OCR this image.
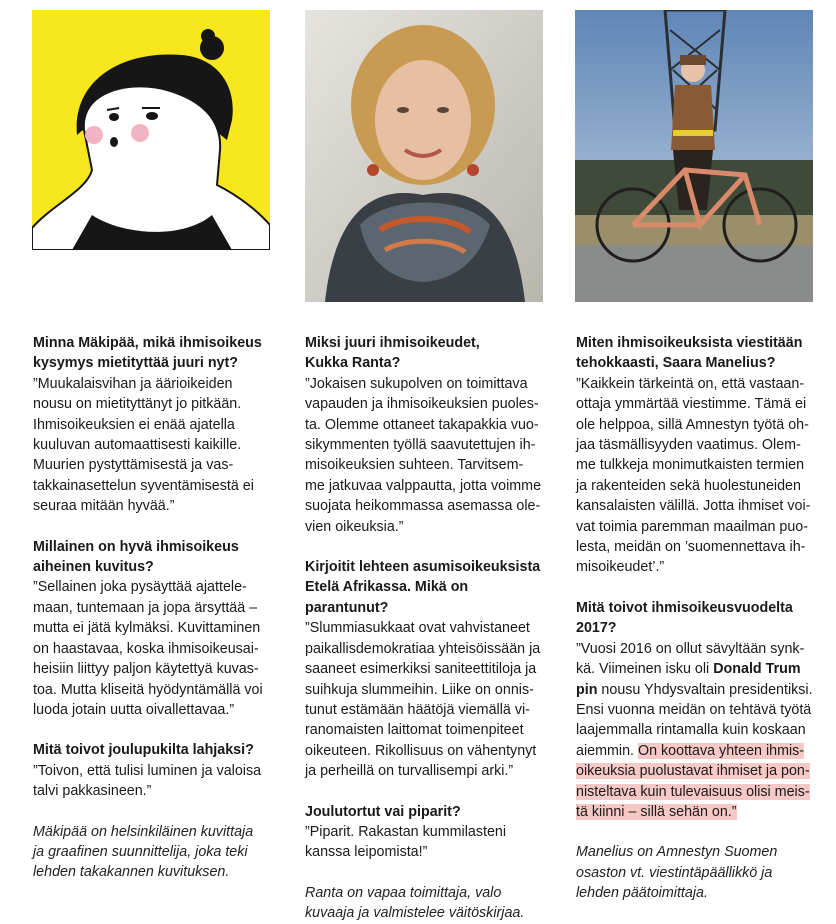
Minna Mäkipää, mikä ihmisoikeus
kysymys mietityttää juuri nyt?

”Muukalaisvihan ja äärioikeiden
nousu on mietityttänyt jo pitkään.
Ihmisoikeuksien ei enää ajatella
kuuluvan automaattisesti kaikille.
Muurien pystyttämisestä ja vas-
takkainasettelun syventämisestä ei
seuraa mitään hyvää.”

Millainen on hyvä ihmisoikeus
aiheinen kuvitus?

”Sellainen joka pysäyttää ajattele-
maan, tuntemaan ja jopa ärsyttää –
mutta ei jätä kylmäksi. Kuvittaminen
on haastavaa, koska ihmisoikeusai-
heisiin liittyy paljon käytettyä kuvas-
toa. Mutta kliseitä hyödyntämällä voi
luoda jotain uutta oivallettavaa.”

Mitä toivot joulupukilta lahjaksi?

”Toivon, että tulisi luminen ja valoisa
talvi pakkasineen.”

Mäkipää on helsinkiläinen kuvittaja
ja graafinen suunnittelija, joka teki
lehden takakannen kuvituksen.

Miksi juuri ihmisoikeudet,
Kukka Ranta?

”Jokaisen sukupolven on toimittava
vapauden ja ihmisoikeuksien puoles-
ta. Olemme ottaneet takapakkia vuo-
sikymmenten työllä saavutettujen ih-
misoikeuksien suhteen. Tarvitsem-
me jatkuvaa valppautta, jotta voimme
suojata heikommassa asemassa ole-
vien oikeuksia.”

Kirjoitit lehteen asumisoikeuksista
Etelä Afrikassa. Mikä on parantunut?

”Slummiasukkaat ovat vahvistaneet
paikallisdemokratiaa yhteisöissään ja
saaneet esimerkiksi saniteettitiloja ja
suihkuja slummeihin. Liike on onnis-
tunut estämään häätöjä viemällä vi-
ranomaisten laittomat toimenpiteet
oikeuteen. Rikollisuus on vähentynyt
ja perheillä on turvallisempi arki.”

Joulutortut vai piparit?

”Piparit. Rakastan kummilasteni
kanssa leipomista!”

Ranta on vapaa toimittaja, valo
kuvaaja ja valmistelee väitöskirjaa.

Miten ihmisoikeuksista viestitään
tehokkaasti, Saara Manelius?

”Kaikkein tärkeintä on, että vastaan-
ottaja ymmärtää viestimme. Tämä ei
ole helppoa, sillä Amnestyn työtä oh-
jaa täsmällisyyden vaatimus. Olem-
me tulkkeja monimutkaisten termien
ja rakenteiden sekä huolestuneiden
kansalaisten välillä. Jotta ihmiset voi-
vat toimia paremman maailman puo-
lesta, meidän on ’suomennettava ih-
misoikeudet’.”

Mitä toivot ihmisoikeusvuodelta
2017?

”Vuosi 2016 on ollut sävyltään synk-
kä. Viimeinen isku oli Donald Trum
pin nousu Yhdysvaltain presidentiksi.
Ensi vuonna meidän on tehtävä työtä
laajemmalla rintamalla kuin koskaan
aiemmin. On koottava yhteen ihmis-
oikeuksia puolustavat ihmiset ja pon-
nisteltava kuin tulevaisuus olisi meis-
tä kiinni – sillä sehän on.”

Manelius on Amnestyn Suomen
osaston vt. viestintäpäällikkö ja
lehden päätoimittaja.
